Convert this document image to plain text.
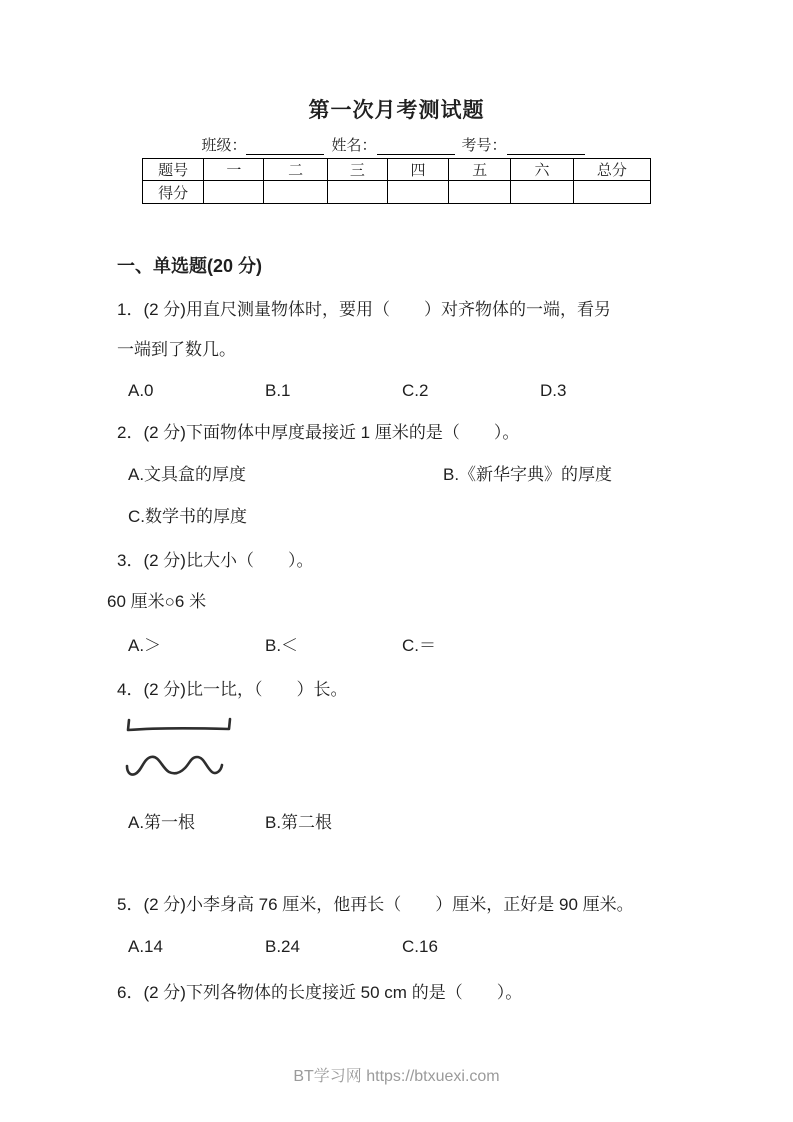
第一次月考测试题
班级：	姓名：	考号：
题号	一	二	三	四	五	六	总分
得分							
一、单选题(20 分)
1．(2 分)用直尺测量物体时，要用（　　）对齐物体的一端，看另
一端到了数几。
A.0	B.1	C.2	D.3
2．(2 分)下面物体中厚度最接近 1 厘米的是（　　）。
A.文具盒的厚度	B.《新华字典》的厚度
C.数学书的厚度
3．(2 分)比大小（　　）。
60 厘米○6 米
A.＞	B.＜	C.＝
4．(2 分)比一比，（　　）长。
A.第一根	B.第二根
5．(2 分)小李身高 76 厘米，他再长（　　）厘米，正好是 90 厘米。
A.14	B.24	C.16
6．(2 分)下列各物体的长度接近 50 cm 的是（　　）。
BT学习网 https://btxuexi.com
